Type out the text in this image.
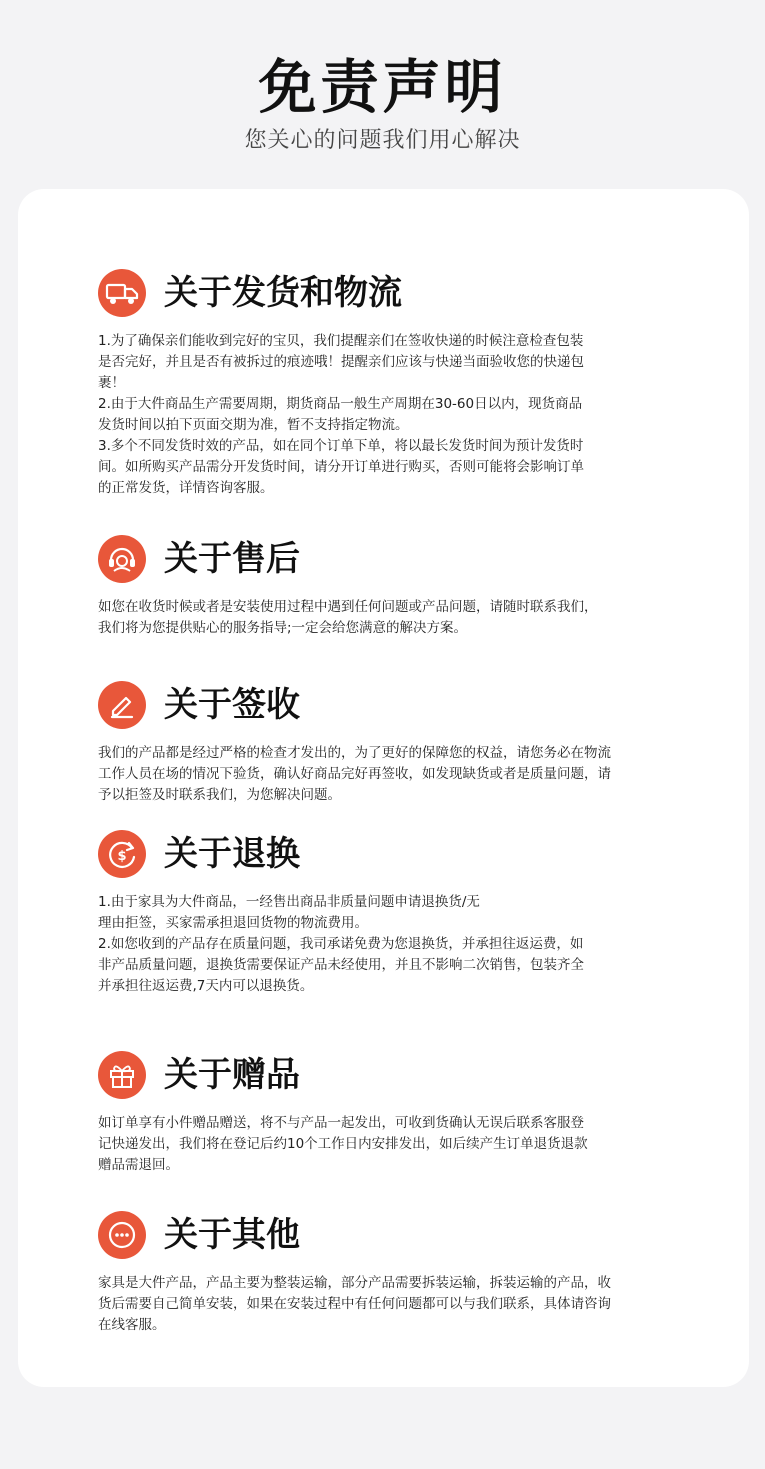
免责声明
您关心的问题我们用心解决
关于发货和物流
1.为了确保亲们能收到完好的宝贝，我们提醒亲们在签收快递的时候注意检查包装
是否完好，并且是否有被拆过的痕迹哦！提醒亲们应该与快递当面验收您的快递包
裹！
2.由于大件商品生产需要周期，期货商品一般生产周期在30-60日以内，现货商品
发货时间以拍下页面交期为准，暂不支持指定物流。
3.多个不同发货时效的产品，如在同个订单下单，将以最长发货时间为预计发货时
间。如所购买产品需分开发货时间，请分开订单进行购买，否则可能将会影响订单
的正常发货，详情咨询客服。
关于售后
如您在收货时候或者是安装使用过程中遇到任何问题或产品问题，请随时联系我们，
我们将为您提供贴心的服务指导;一定会给您满意的解决方案。
关于签收
我们的产品都是经过严格的检查才发出的，为了更好的保障您的权益，请您务必在物流
工作人员在场的情况下验货，确认好商品完好再签收，如发现缺货或者是质量问题，请
予以拒签及时联系我们，为您解决问题。
$ 关于退换
1.由于家具为大件商品，一经售出商品非质量问题申请退换货/无
理由拒签，买家需承担退回货物的物流费用。
2.如您收到的产品存在质量问题，我司承诺免费为您退换货，并承担往返运费，如
非产品质量问题，退换货需要保证产品未经使用，并且不影响二次销售，包装齐全
并承担往返运费,7天内可以退换货。
关于赠品
如订单享有小件赠品赠送，将不与产品一起发出，可收到货确认无误后联系客服登
记快递发出，我们将在登记后约10个工作日内安排发出，如后续产生订单退货退款
赠品需退回。
关于其他
家具是大件产品，产品主要为整装运输，部分产品需要拆装运输，拆装运输的产品，收
货后需要自己简单安装，如果在安装过程中有任何问题都可以与我们联系，具体请咨询
在线客服。
